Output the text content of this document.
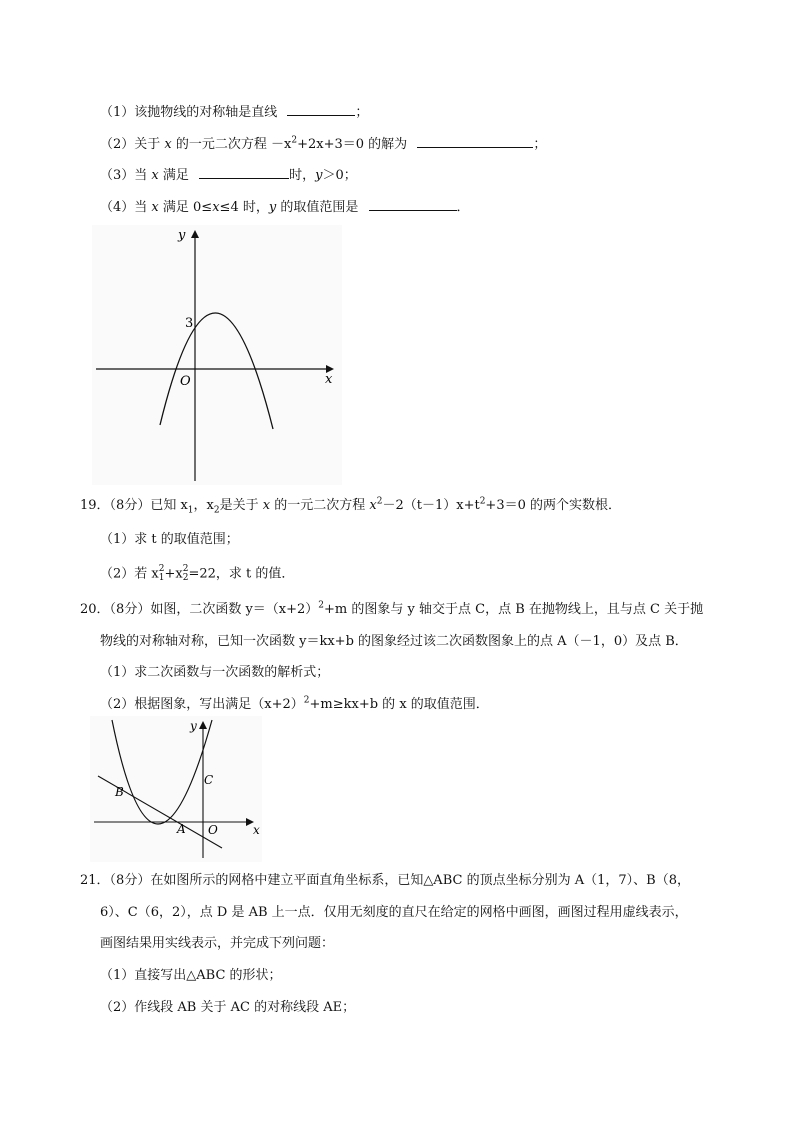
（1）该抛物线的对称轴是直线	；
（2）关于 x 的一元二次方程 $-x^2+2x+3=0$ 的解为	；
（3）当 x 满足	时，y＞0；
（4）当 x 满足 0≤x≤4 时，y 的取值范围是	．
y
x
O
3
19．（8分）已知 $x_1$，$x_2$是关于 x 的一元二次方程 $x^2-2(t-1)x+t^2+3=0$ 的两个实数根．
（1）求 t 的取值范围；
（2）若 x 2
1 +x 2
2 =22，求 t 的值．
20．（8分）如图，二次函数 $y=(x+2)^2+m$ 的图象与 y 轴交于点 C，点 B 在抛物线上，且与点 C 关于抛
物线的对称轴对称，已知一次函数 y＝kx+b 的图象经过该二次函数图象上的点 A（－1，0）及点 B．
（1）求二次函数与一次函数的解析式；
（2）根据图象，写出满足$(x+2)^2+m\ge kx+b$ 的 x 的取值范围．
y
x
O
A
B
C
21．（8分）在如图所示的网格中建立平面直角坐标系，已知△ABC 的顶点坐标分别为 A（1，7）、B（8，
6）、C（6，2），点 D 是 AB 上一点．仅用无刻度的直尺在给定的网格中画图，画图过程用虚线表示，
画图结果用实线表示，并完成下列问题：
（1）直接写出△ABC 的形状；
（2）作线段 AB 关于 AC 的对称线段 AE；
